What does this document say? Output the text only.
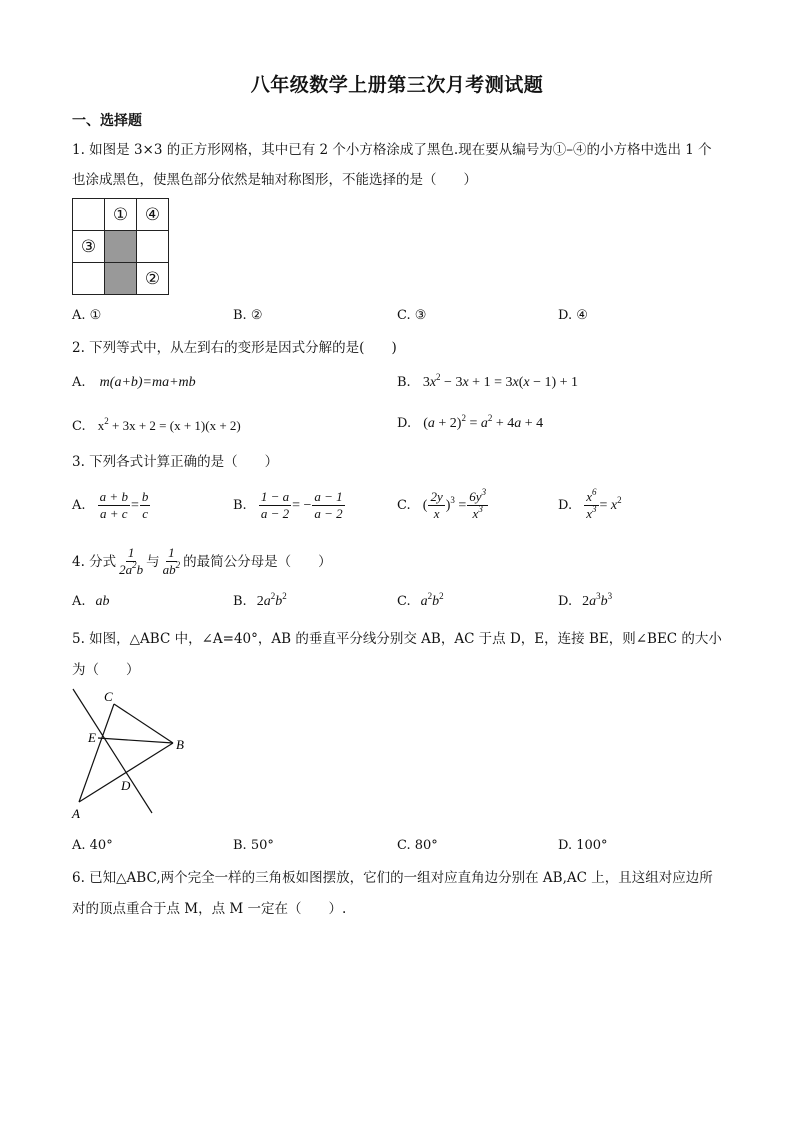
八年级数学上册第三次月考测试题
一、选择题
1. 如图是 3×3 的正方形网格，其中已有 2 个小方格涂成了黑色.现在要从编号为①–④的小方格中选出 1 个
也涂成黑色，使黑色部分依然是轴对称图形，不能选择的是（　　）
	①	④
③		
		②
A. ①	B. ②	C. ③	D. ④
2. 下列等式中，从左到右的变形是因式分解的是(　　)
A. m(a+b)=ma+mb	B. $3x^2 - 3x + 1 = 3x(x - 1) + 1$
C. $x^2 + 3x + 2 = (x + 1)(x + 2)$	D. $(a + 2)^2 = a^2 + 4a + 4$
3. 下列各式计算正确的是（　　）
A. $\frac{a + b}{a + c} = \frac{b}{c}$	B. $\frac{1 - a}{a - 2}$ = − $\frac{a - 1}{a - 2}$	C. ( $\frac{2y}{x} )^3 = \frac{6y^3}{x^3}$	D. $\frac{x^6}{x^3} = x^2$
4. 分式 $\frac{1}{2a^2b}$ 与 $\frac{1}{ab^2}$ 的最简公分母是（　　）
A. ab	B. $2a^2b^2$	C. $a^2b^2$	D. $2a^3b^3$
5. 如图，△ABC 中，∠A=40°，AB 的垂直平分线分别交 AB，AC 于点 D，E，连接 BE，则∠BEC 的大小
为（　　）
C
E	B
D
A
A. 40°	B. 50°	C. 80°	D. 100°
6. 已知△ABC,两个完全一样的三角板如图摆放，它们的一组对应直角边分别在 AB,AC 上，且这组对应边所
对的顶点重合于点 M，点 M 一定在（　　）.
